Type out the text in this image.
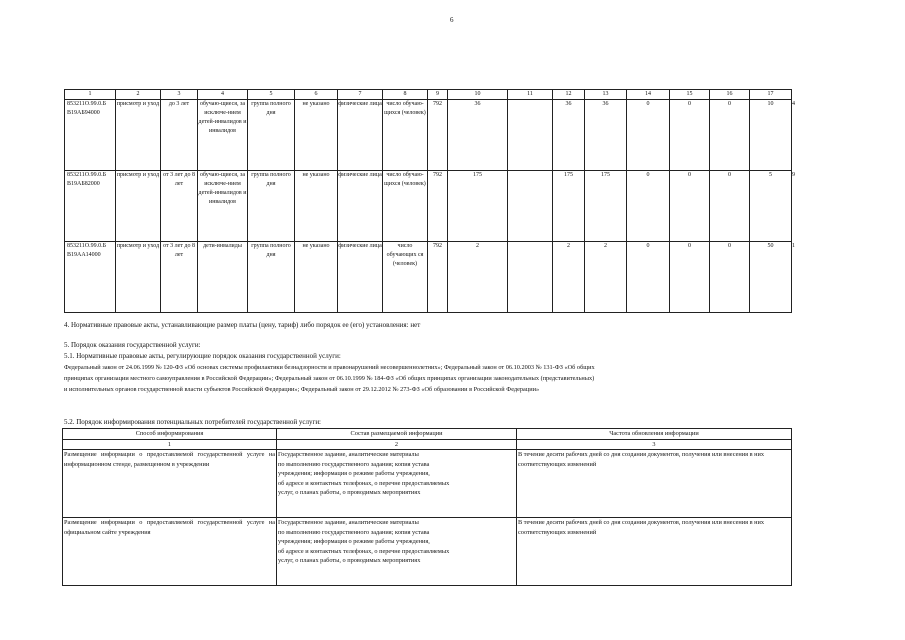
6
1	2	3	4	5	6	7	8	9	10	11	12	13	14	15	16	17	
853211О.99.0.Б В19АБ94000	присмотр и уход	до 3 лет	обучаю-щиеся, за исключе-нием детей-инвалидов и инвалидов	группа полного дня	не указано	физические лица	число обучаю-щихся (человек)	792	36		36	36	0	0	0	10	4
853211О.99.0.Б В19АБ82000	присмотр и уход	от 3 лет до 8 лет	обучаю-щиеся, за исключе-нием детей-инвалидов и инвалидов	группа полного дня	не указано	физические лица	число обучаю-щихся (человек)	792	175		175	175	0	0	0	5	9
853211О.99.0.Б В19АА14000	присмотр и уход	от 3 лет до 8 лет	дети-инвалиды	группа полного дня	не указано	физические лица	число обучающих ся (человек)	792	2		2	2	0	0	0	50	1
4. Нормативные правовые акты, устанавливающие размер платы (цену, тариф) либо порядок ее (его) установления: нет
5. Порядок оказания государственной услуги:
5.1. Нормативные правовые акты, регулирующие порядок оказания государственной услуги:
Федеральный закон от 24.06.1999 № 120-ФЗ «Об основах системы профилактики безнадзорности и правонарушений несовершеннолетних»; Федеральный закон от 06.10.2003 № 131-ФЗ «Об общих
принципах организации местного самоуправления в Российской Федерации»; Федеральный закон от 06.10.1999 № 184-ФЗ «Об общих принципах организации законодательных (представительных)
и исполнительных органов государственной власти субъектов Российской Федерации»; Федеральный закон от 29.12.2012 № 273-ФЗ «Об образовании в Российской Федерации»
5.2. Порядок информирования потенциальных потребителей государственной услуги:
Способ информирования	Состав размещаемой информации	Частота обновления информации
1	2	3
Размещение информации о предоставляемой государственной услуге на информационном стенде, размещенном в учреждении	Государственное задание, аналитические материалы
по выполнению государственного задания; копия устава
учреждения; информация о режиме работы учреждения,
об адресе и контактных телефонах, о перечне предоставляемых
услуг, о планах работы, о проводимых мероприятиях	В течение десяти рабочих дней со дня создания документов, получения или внесения в них соответствующих изменений
Размещение информации о предоставляемой государственной услуге на официальном сайте учреждения	Государственное задание, аналитические материалы
по выполнению государственного задания; копия устава
учреждения; информация о режиме работы учреждения,
об адресе и контактных телефонах, о перечне предоставляемых
услуг, о планах работы, о проводимых мероприятиях	В течение десяти рабочих дней со дня создания документов, получения или внесения в них соответствующих изменений
